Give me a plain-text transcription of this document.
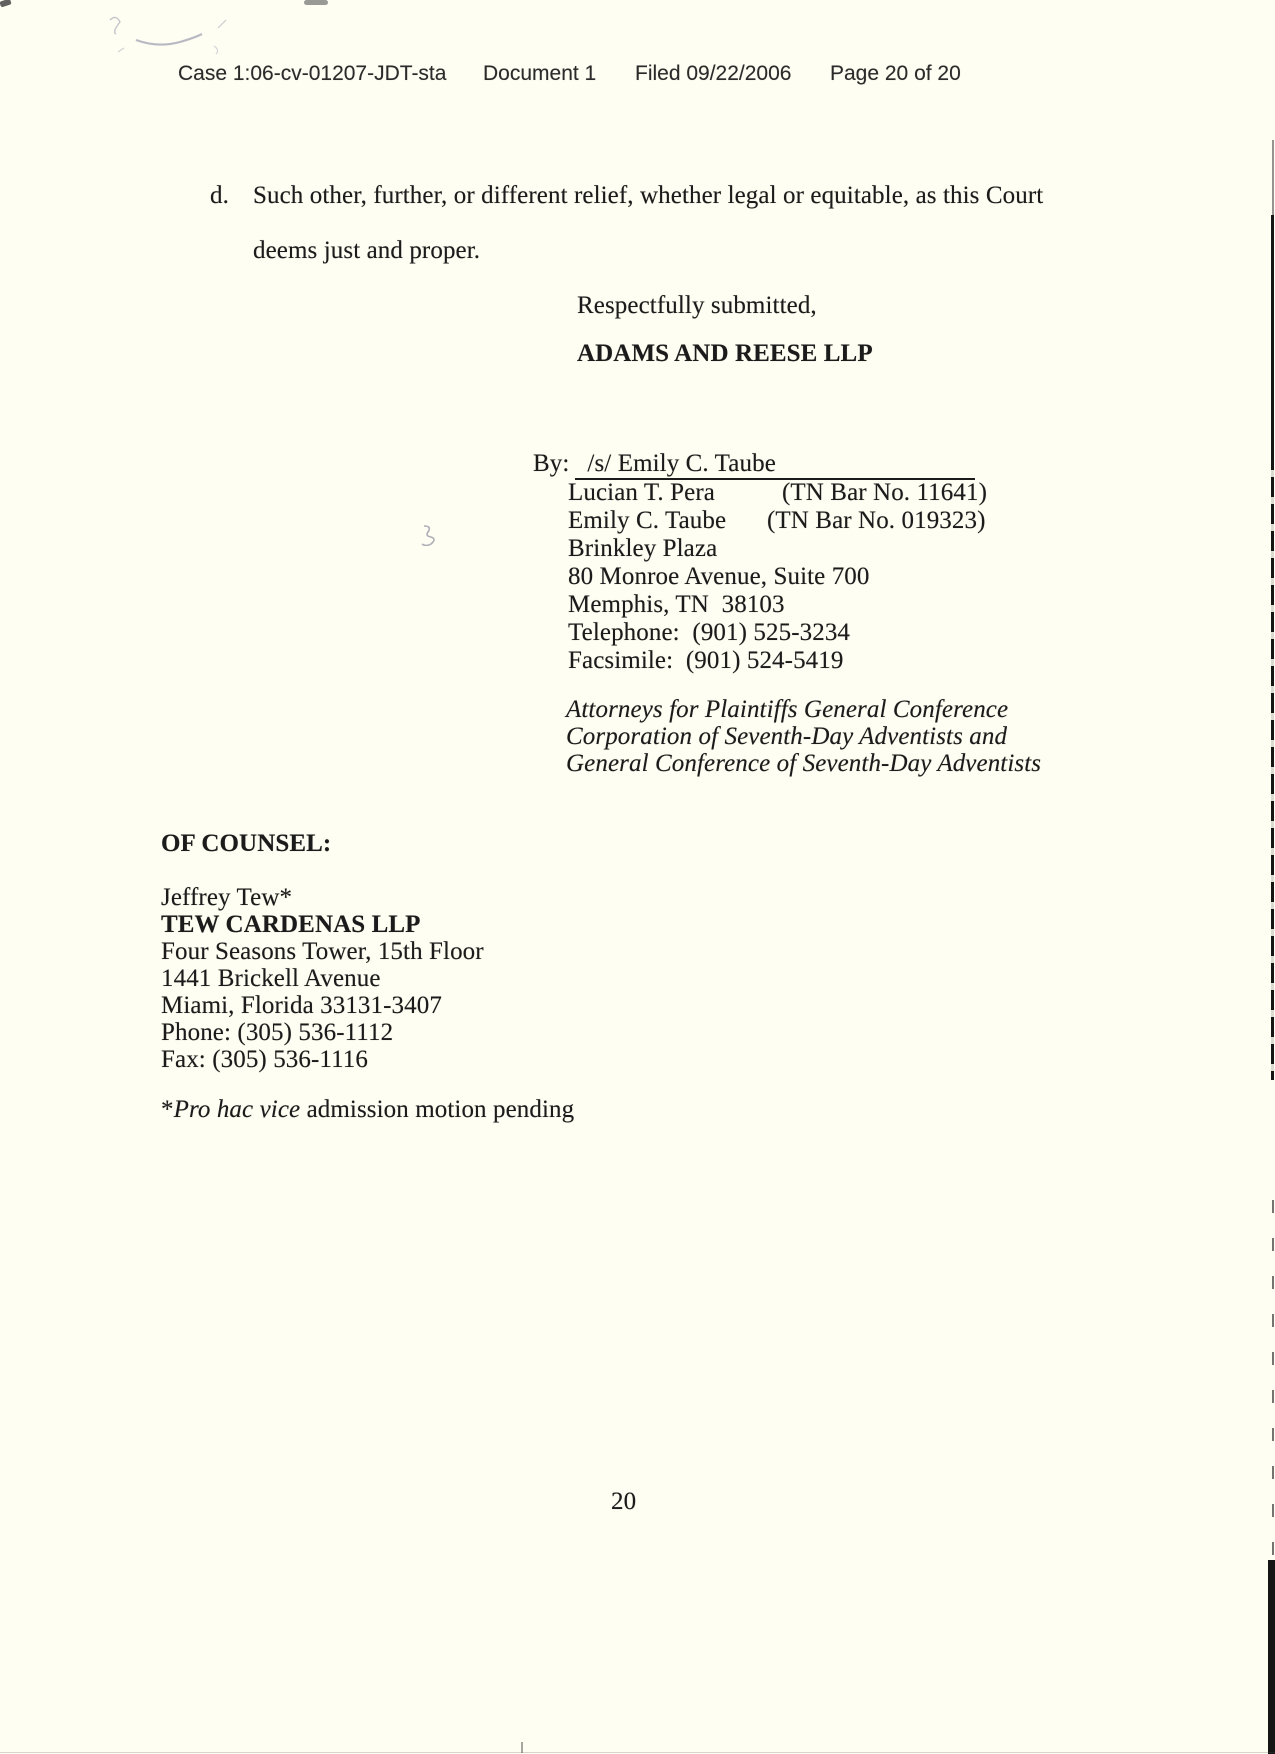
Case 1:06-cv-01207-JDT-sta Document 1 Filed 09/22/2006 Page 20 of 20
d. Such other, further, or different relief, whether legal or equitable, as this Court
deems just and proper.
Respectfully submitted,
ADAMS AND REESE LLP
By: /s/ Emily C. Taube
Lucian T. Pera	(TN Bar No. 11641)
Emily C. Taube (TN Bar No. 019323)
Brinkley Plaza
80 Monroe Avenue, Suite 700
Memphis, TN  38103
Telephone:  (901) 525-3234
Facsimile:  (901) 524-5419
Attorneys for Plaintiffs General Conference
Corporation of Seventh-Day Adventists and
General Conference of Seventh-Day Adventists
OF COUNSEL:
Jeffrey Tew*
TEW CARDENAS LLP
Four Seasons Tower, 15th Floor
1441 Brickell Avenue
Miami, Florida 33131-3407
Phone: (305) 536-1112
Fax: (305) 536-1116
*Pro hac vice admission motion pending
20
